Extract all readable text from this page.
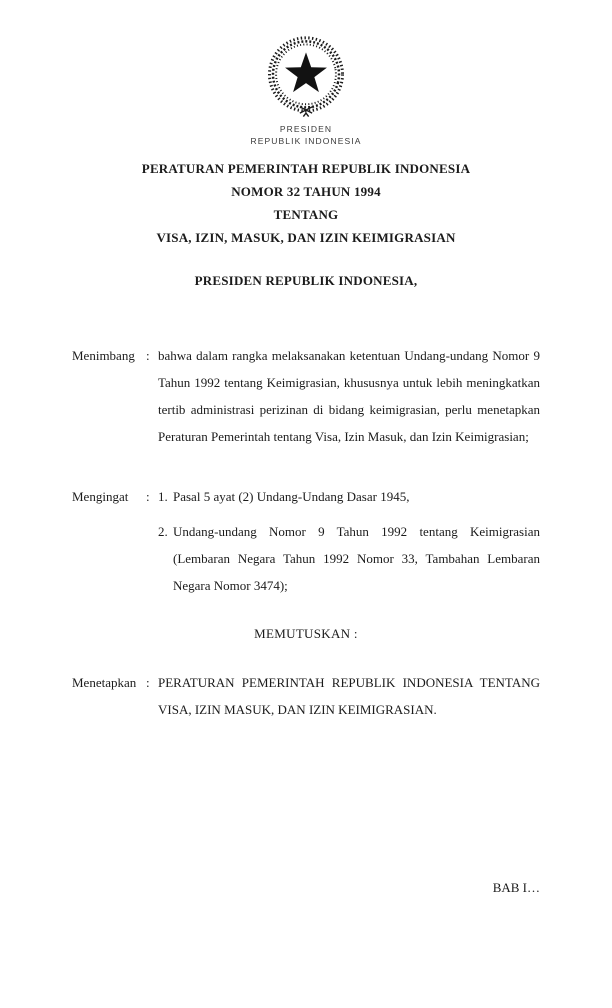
PRESIDEN
REPUBLIK INDONESIA
PERATURAN PEMERINTAH REPUBLIK INDONESIA
NOMOR 32 TAHUN 1994
TENTANG
VISA, IZIN, MASUK, DAN IZIN KEIMIGRASIAN
PRESIDEN REPUBLIK INDONESIA,
Menimbang : bahwa dalam rangka melaksanakan ketentuan Undang-undang Nomor 9 Tahun 1992 tentang Keimigrasian, khususnya untuk lebih meningkatkan tertib administrasi perizinan di bidang keimigrasian, perlu menetapkan Peraturan Pemerintah tentang Visa, Izin Masuk, dan Izin Keimigrasian;
Mengingat	: 1. Pasal 5 ayat (2) Undang-Undang Dasar 1945,
2. Undang-undang Nomor 9 Tahun 1992 tentang Keimigrasian (Lembaran Negara Tahun 1992 Nomor 33, Tambahan Lembaran Negara Nomor 3474);
MEMUTUSKAN :
Menetapkan : PERATURAN PEMERINTAH REPUBLIK INDONESIA TENTANG VISA, IZIN MASUK, DAN IZIN KEIMIGRASIAN.
BAB I…
